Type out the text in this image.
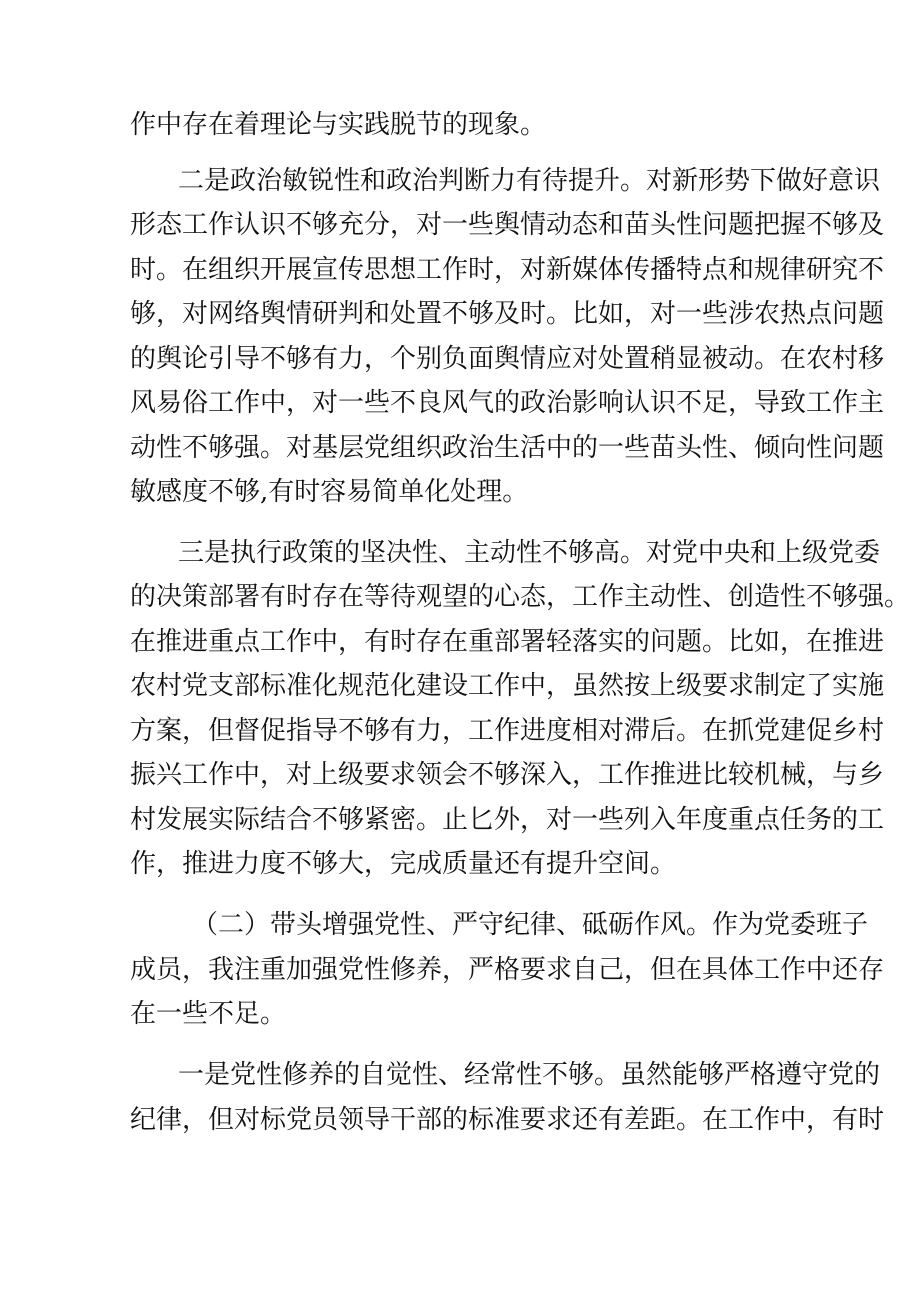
作中存在着理论与实践脱节的现象。
二是政治敏锐性和政治判断力有待提升。对新形势下做好意识
形态工作认识不够充分，对一些舆情动态和苗头性问题把握不够及
时。在组织开展宣传思想工作时，对新媒体传播特点和规律研究不
够，对网络舆情研判和处置不够及时。比如，对一些涉农热点问题
的舆论引导不够有力，个别负面舆情应对处置稍显被动。在农村移
风易俗工作中，对一些不良风气的政治影响认识不足，导致工作主
动性不够强。对基层党组织政治生活中的一些苗头性、倾向性问题
敏感度不够,有时容易简单化处理。
三是执行政策的坚决性、主动性不够高。对党中央和上级党委
的决策部署有时存在等待观望的心态，工作主动性、创造性不够强。
在推进重点工作中，有时存在重部署轻落实的问题。比如，在推进
农村党支部标准化规范化建设工作中，虽然按上级要求制定了实施
方案，但督促指导不够有力，工作进度相对滞后。在抓党建促乡村
振兴工作中，对上级要求领会不够深入，工作推进比较机械，与乡
村发展实际结合不够紧密。止匕外，对一些列入年度重点任务的工
作，推进力度不够大，完成质量还有提升空间。
（二）带头增强党性、严守纪律、砥砺作风。作为党委班子
成员，我注重加强党性修养，严格要求自己，但在具体工作中还存
在一些不足。
一是党性修养的自觉性、经常性不够。虽然能够严格遵守党的
纪律，但对标党员领导干部的标准要求还有差距。在工作中，有时
